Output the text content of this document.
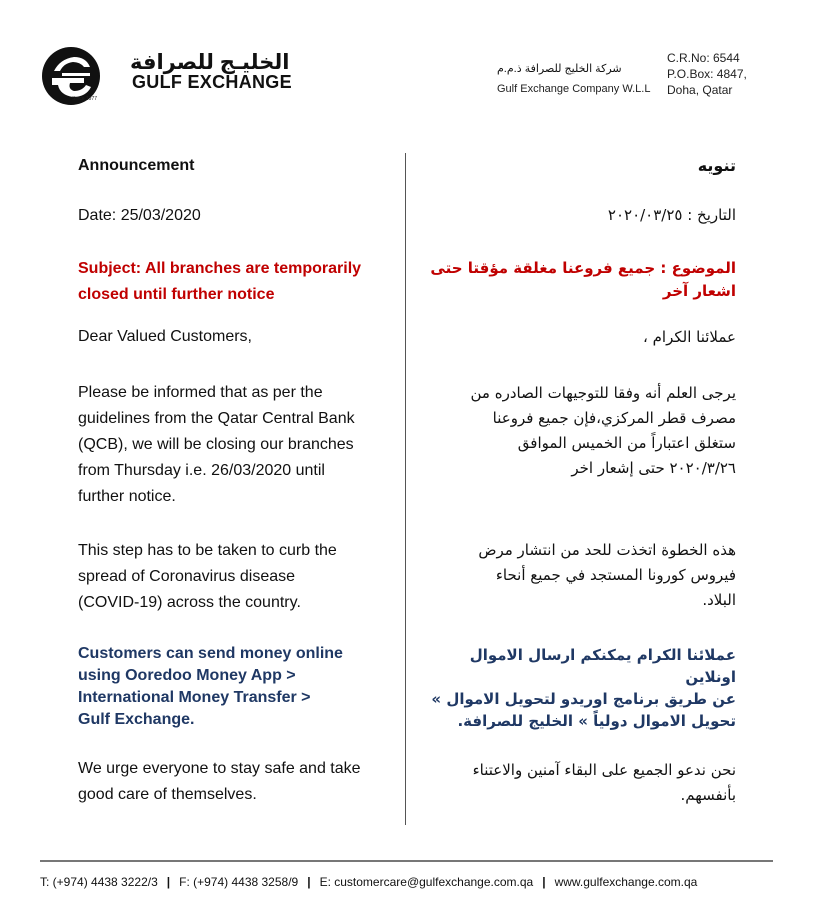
الخليـج للصرافة
GULF EXCHANGE
Since 1977
شركة الخليج للصرافة ذ.م.م
Gulf Exchange Company W.L.L
C.R.No: 6544
P.O.Box: 4847,
Doha, Qatar
Announcement
Date: 25/03/2020
Subject: All branches are temporarily
closed until further notice
Dear Valued Customers,
Please be informed that as per the
guidelines from the Qatar Central Bank
(QCB), we will be closing our branches
from Thursday i.e. 26/03/2020 until
further notice.
This step has to be taken to curb the
spread of Coronavirus disease
(COVID-19) across the country.
Customers can send money online
using Ooredoo Money App >
International Money Transfer >
Gulf Exchange.
We urge everyone to stay safe and take
good care of themselves.
تنويه
التاريخ : ٢٠٢٠/٠٣/٢٥
الموضوع : جميع فروعنا مغلقة مؤقتا حتى
اشعار آخر
عملائنا الكرام ،
يرجى العلم أنه وفقا للتوجيهات الصادره من
مصرف قطر المركزي،فإن جميع فروعنا
ستغلق اعتباراً من الخميس الموافق
٢٠٢٠/٣/٢٦ حتى إشعار اخر
هذه الخطوة اتخذت للحد من انتشار مرض
فيروس كورونا المستجد في جميع أنحاء
البلاد.
عملائنا الكرام يمكنكم ارسال الاموال اونلاين
عن طريق برنامج اوريدو لتحويل الاموال »
تحويل الاموال دولياً » الخليج للصرافة.
نحن ندعو الجميع على البقاء آمنين والاعتناء
بأنفسهم.
T: (+974) 4438 3222/3 | F: (+974) 4438 3258/9 | E: customercare@gulfexchange.com.qa | www.gulfexchange.com.qa
